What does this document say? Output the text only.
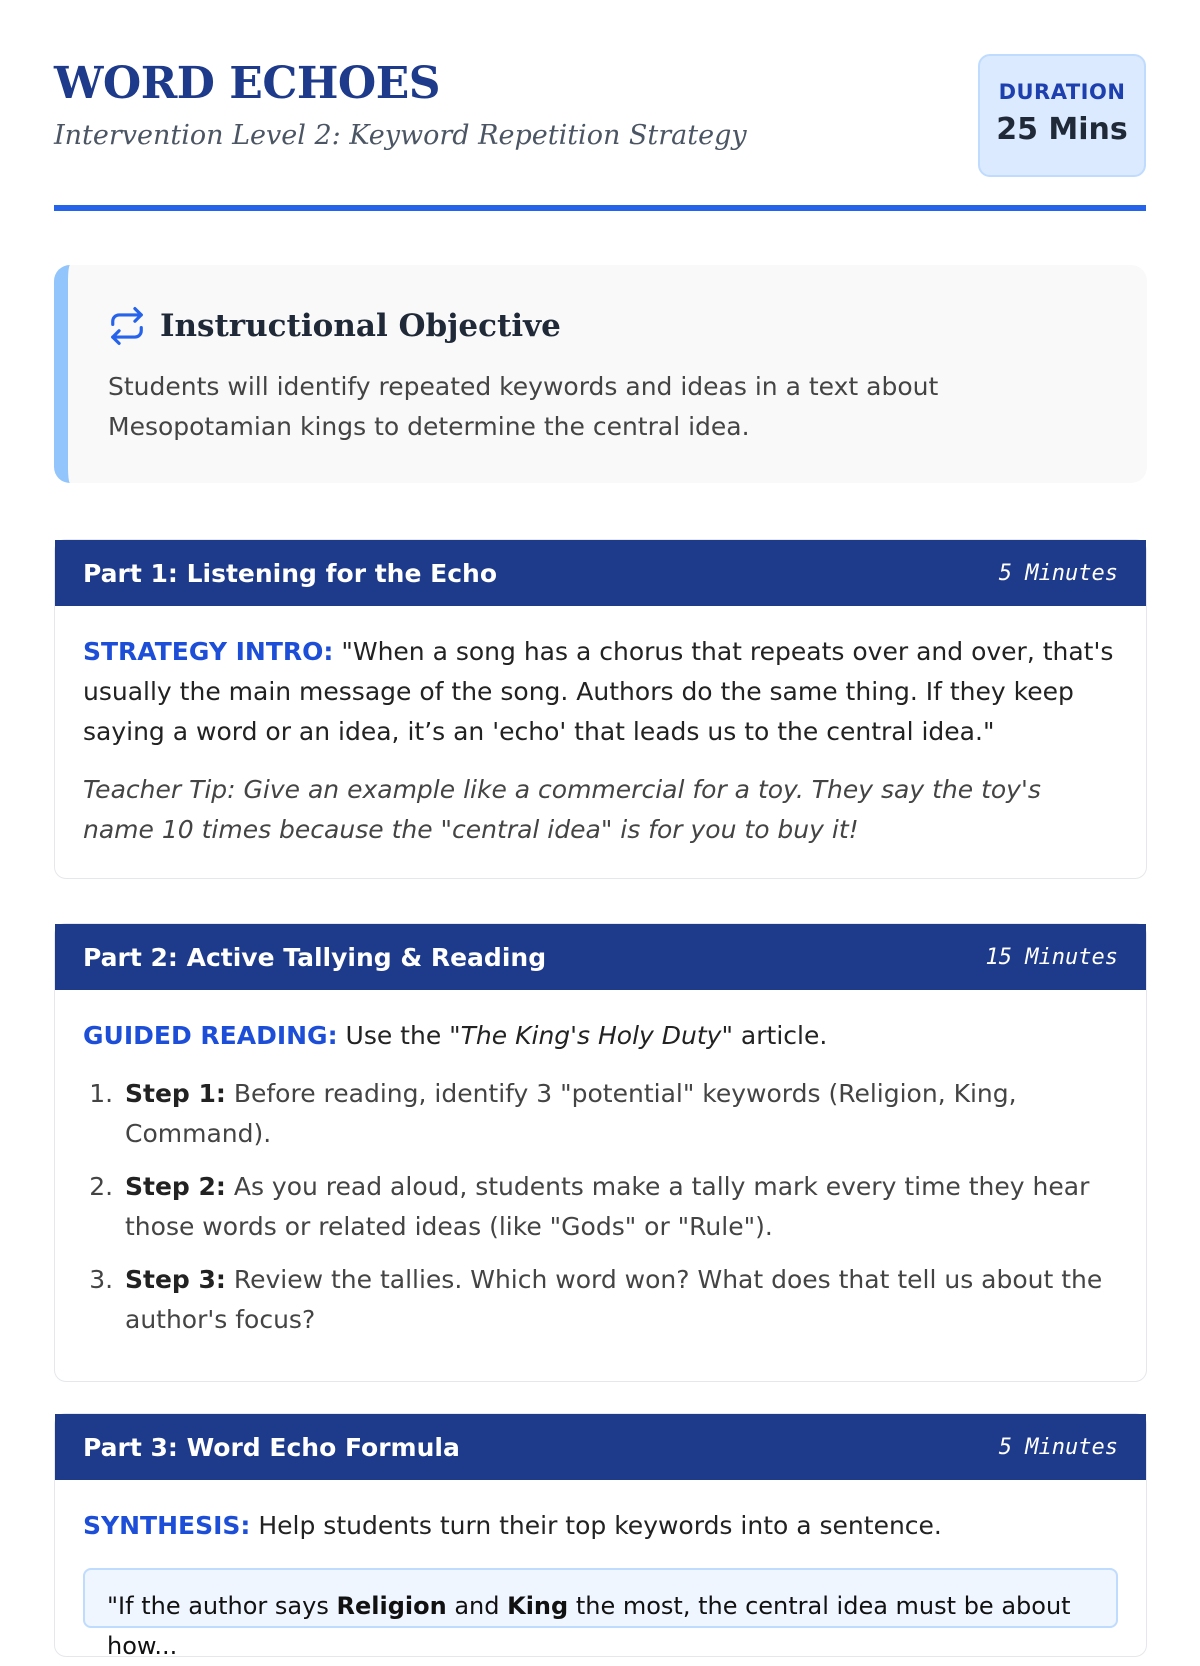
WORD ECHOES
Intervention Level 2: Keyword Repetition Strategy
DURATION
25 Mins
Instructional Objective

Students will identify repeated keywords and ideas in a text about Mesopotamian kings to determine the central idea.

Part 1: Listening for the Echo	5 Minutes

STRATEGY INTRO: "When a song has a chorus that repeats over and over, that's usually the main message of the song. Authors do the same thing. If they keep saying a word or an idea, it’s an 'echo' that leads us to the central idea."

Teacher Tip: Give an example like a commercial for a toy. They say the toy's name 10 times because the "central idea" is for you to buy it!

Part 2: Active Tallying & Reading	15 Minutes

GUIDED READING: Use the "The King's Holy Duty" article.

1. Step 1: Before reading, identify 3 "potential" keywords (Religion, King, Command).
2. Step 2: As you read aloud, students make a tally mark every time they hear those words or related ideas (like "Gods" or "Rule").
3. Step 3: Review the tallies. Which word won? What does that tell us about the author's focus?
Part 3: Word Echo Formula	5 Minutes

SYNTHESIS: Help students turn their top keywords into a sentence.

"If the author says Religion and King the most, the central idea must be about how...
